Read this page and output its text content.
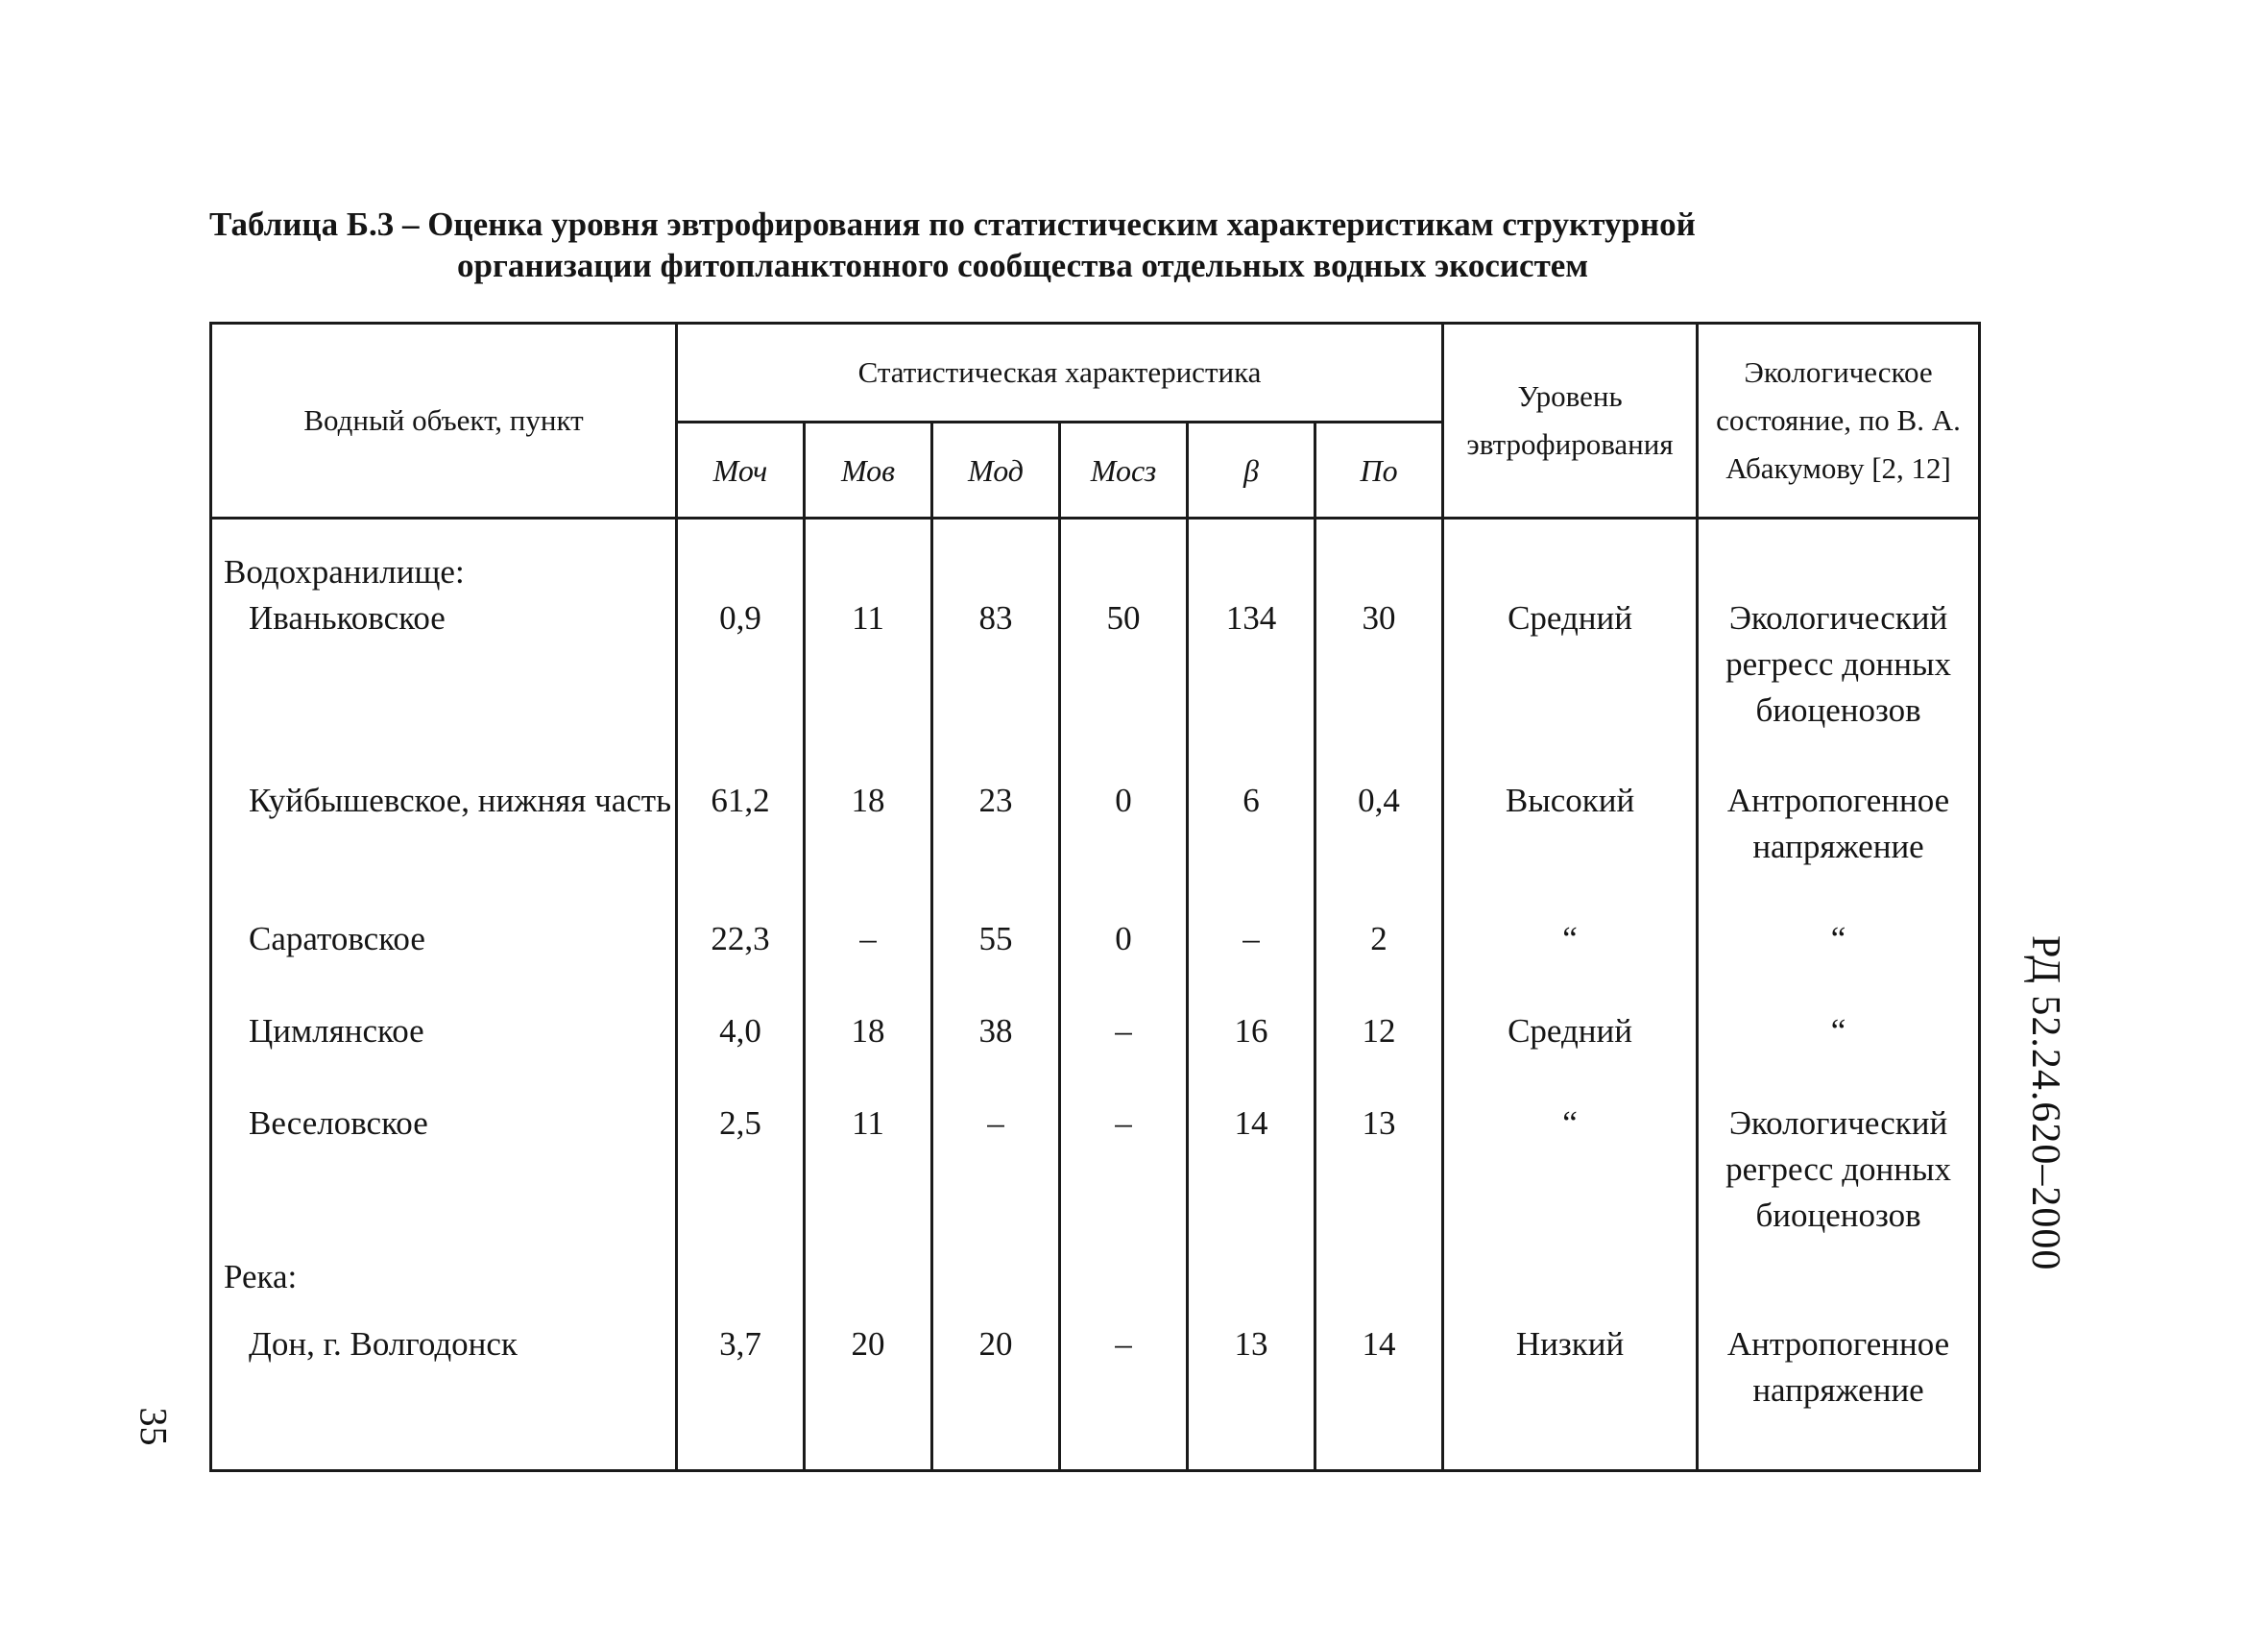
Таблица Б.3 – Оценка уровня эвтрофирования по статистическим характеристикам структурной
организации фитопланктонного сообщества отдельных водных экосистем
Водный объект, пункт	Статистическая характеристика						Уровень эвтрофирования	Экологическое состояние, по В. А. Абакумову [2, 12]
	Моч	Мов	Мод	Мосз	β	По		
Водохранилище:								
Иваньковское	0,9	11	83	50	134	30	Средний	Экологический регресс донных биоценозов
Куйбышевское, нижняя часть	61,2	18	23	0	6	0,4	Высокий	Антропогенное напряжение
Саратовское	22,3	–	55	0	–	2	“	“
Цимлянское	4,0	18	38	–	16	12	Средний	“
Веселовское	2,5	11	–	–	14	13	“	Экологический регресс донных биоценозов
Река:								
Дон, г. Волгодонск	3,7	20	20	–	13	14	Низкий	Антропогенное напряжение
35
РД 52.24.620–2000
